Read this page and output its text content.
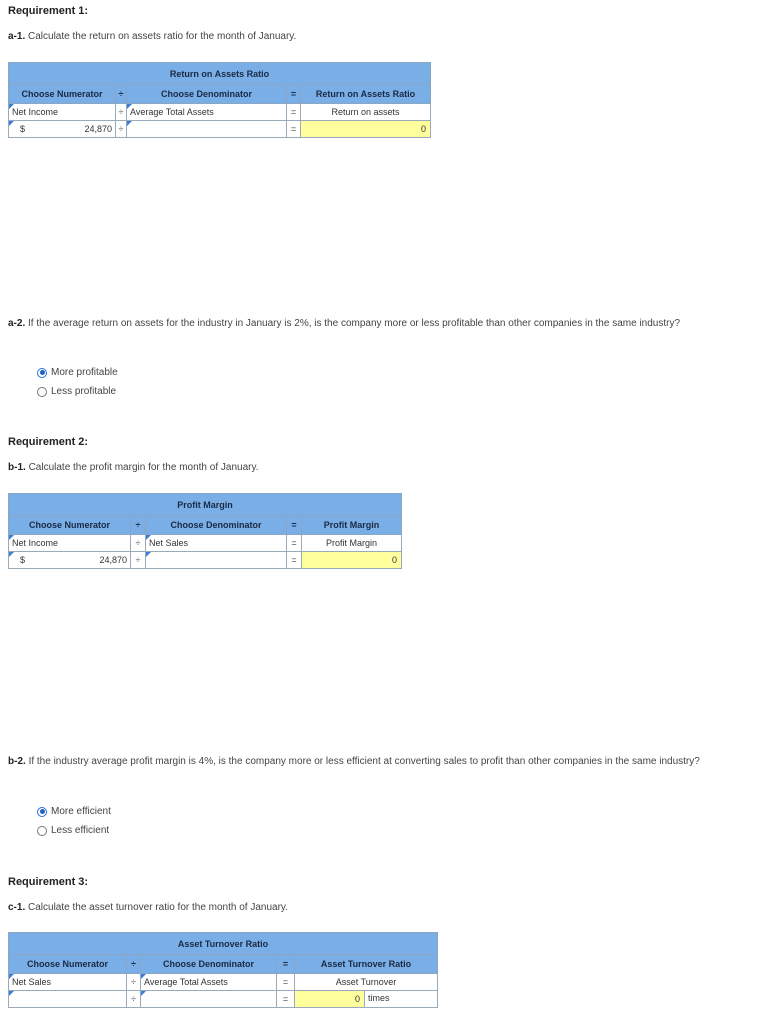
Requirement 1:
a-1. Calculate the return on assets ratio for the month of January.
Return on Assets Ratio				
Choose Numerator	÷	Choose Denominator	=	Return on Assets Ratio
Net Income	÷	Average Total Assets	=	Return on assets
$ 24,870	÷		=	0
a-2. If the average return on assets for the industry in January is 2%, is the company more or less profitable than other companies in the same industry?
More profitable
Less profitable
Requirement 2:
b-1. Calculate the profit margin for the month of January.
Profit Margin				
Choose Numerator	÷	Choose Denominator	=	Profit Margin
Net Income	÷	Net Sales	=	Profit Margin
$ 24,870	÷		=	0
b-2. If the industry average profit margin is 4%, is the company more or less efficient at converting sales to profit than other companies in the same industry?
More efficient
Less efficient
Requirement 3:
c-1. Calculate the asset turnover ratio for the month of January.
Asset Turnover Ratio				
Choose Numerator	÷	Choose Denominator	=	Asset Turnover Ratio
Net Sales	÷	Average Total Assets	=	Asset Turnover
	÷		=	0 times
